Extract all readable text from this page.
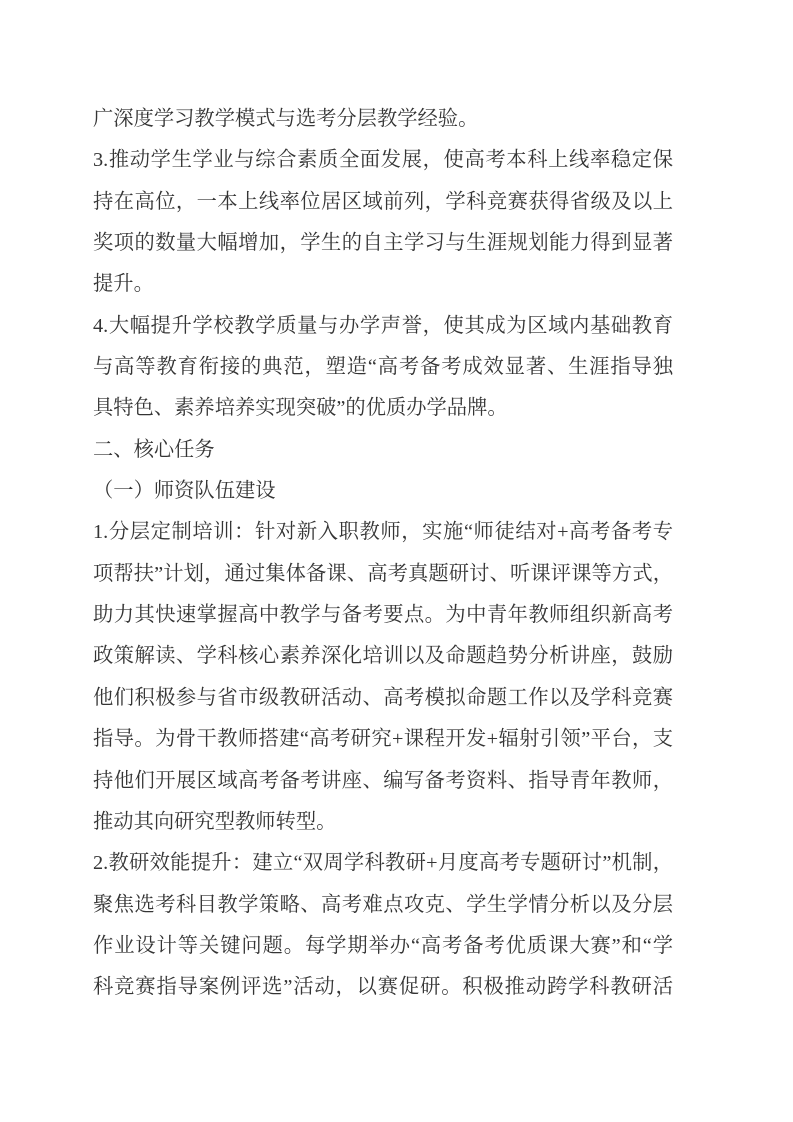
广深度学习教学模式与选考分层教学经验。
3.推动学生学业与综合素质全面发展，使高考本科上线率稳定保
持在高位，一本上线率位居区域前列，学科竞赛获得省级及以上
奖项的数量大幅增加，学生的自主学习与生涯规划能力得到显著
提升。
4.大幅提升学校教学质量与办学声誉，使其成为区域内基础教育
与高等教育衔接的典范，塑造“高考备考成效显著、生涯指导独
具特色、素养培养实现突破”的优质办学品牌。
二、核心任务
（一）师资队伍建设
1.分层定制培训：针对新入职教师，实施“师徒结对+高考备考专
项帮扶”计划，通过集体备课、高考真题研讨、听课评课等方式，
助力其快速掌握高中教学与备考要点。为中青年教师组织新高考
政策解读、学科核心素养深化培训以及命题趋势分析讲座，鼓励
他们积极参与省市级教研活动、高考模拟命题工作以及学科竞赛
指导。为骨干教师搭建“高考研究+课程开发+辐射引领”平台，支
持他们开展区域高考备考讲座、编写备考资料、指导青年教师，
推动其向研究型教师转型。
2.教研效能提升：建立“双周学科教研+月度高考专题研讨”机制，
聚焦选考科目教学策略、高考难点攻克、学生学情分析以及分层
作业设计等关键问题。每学期举办“高考备考优质课大赛”和“学
科竞赛指导案例评选”活动，以赛促研。积极推动跨学科教研活
